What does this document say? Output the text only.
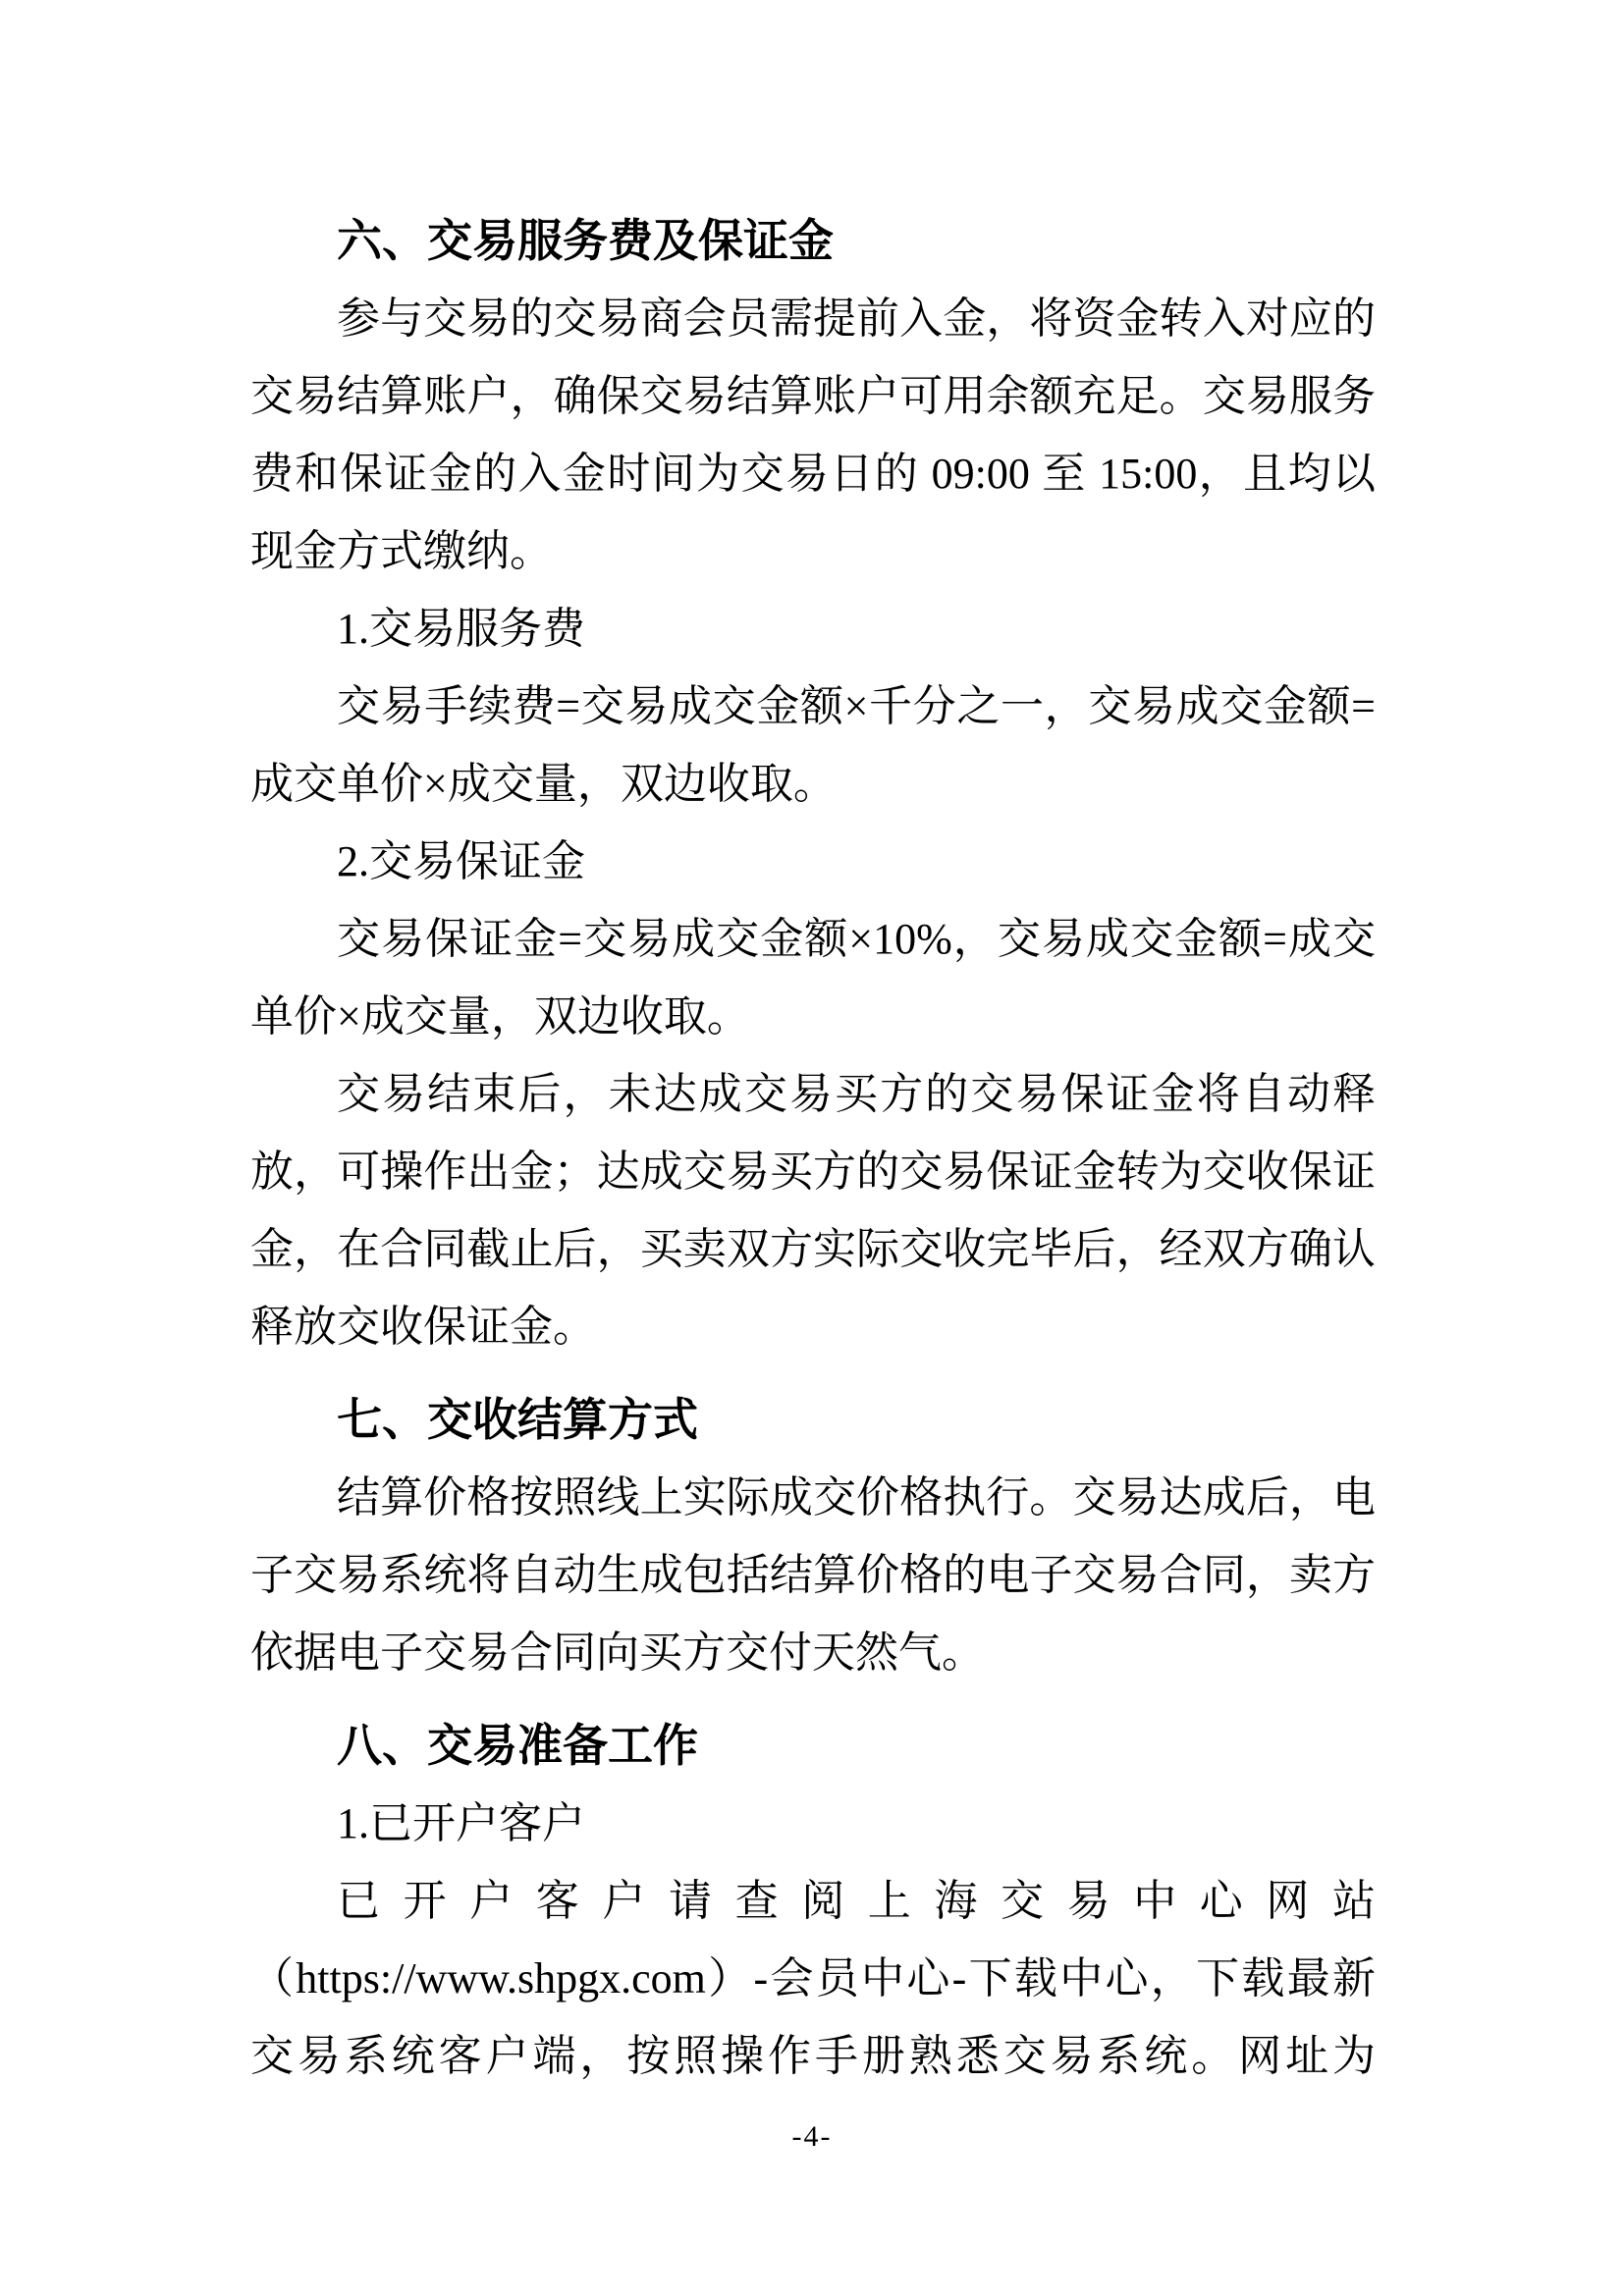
六、交易服务费及保证金

参与交易的交易商会员需提前入金，将资金转入对应的交易结算账户，确保交易结算账户可用余额充足。交易服务费和保证金的入金时间为交易日的 09:00 至 15:00，且均以现金方式缴纳。

1.交易服务费

交易手续费=交易成交金额×千分之一，交易成交金额=成交单价×成交量，双边收取。

2.交易保证金

交易保证金=交易成交金额×10%，交易成交金额=成交单价×成交量，双边收取。

交易结束后，未达成交易买方的交易保证金将自动释放，可操作出金；达成交易买方的交易保证金转为交收保证金，在合同截止后，买卖双方实际交收完毕后，经双方确认释放交收保证金。

七、交收结算方式

结算价格按照线上实际成交价格执行。交易达成后，电子交易系统将自动生成包括结算价格的电子交易合同，卖方依据电子交易合同向买方交付天然气。

八、交易准备工作

1.已开户客户

已开户客户请查阅上海交易中心网站（https://www.shpgx.com）-会员中心-下载中心，下载最新交易系统客户端，按照操作手册熟悉交易系统。网址为

-4-
